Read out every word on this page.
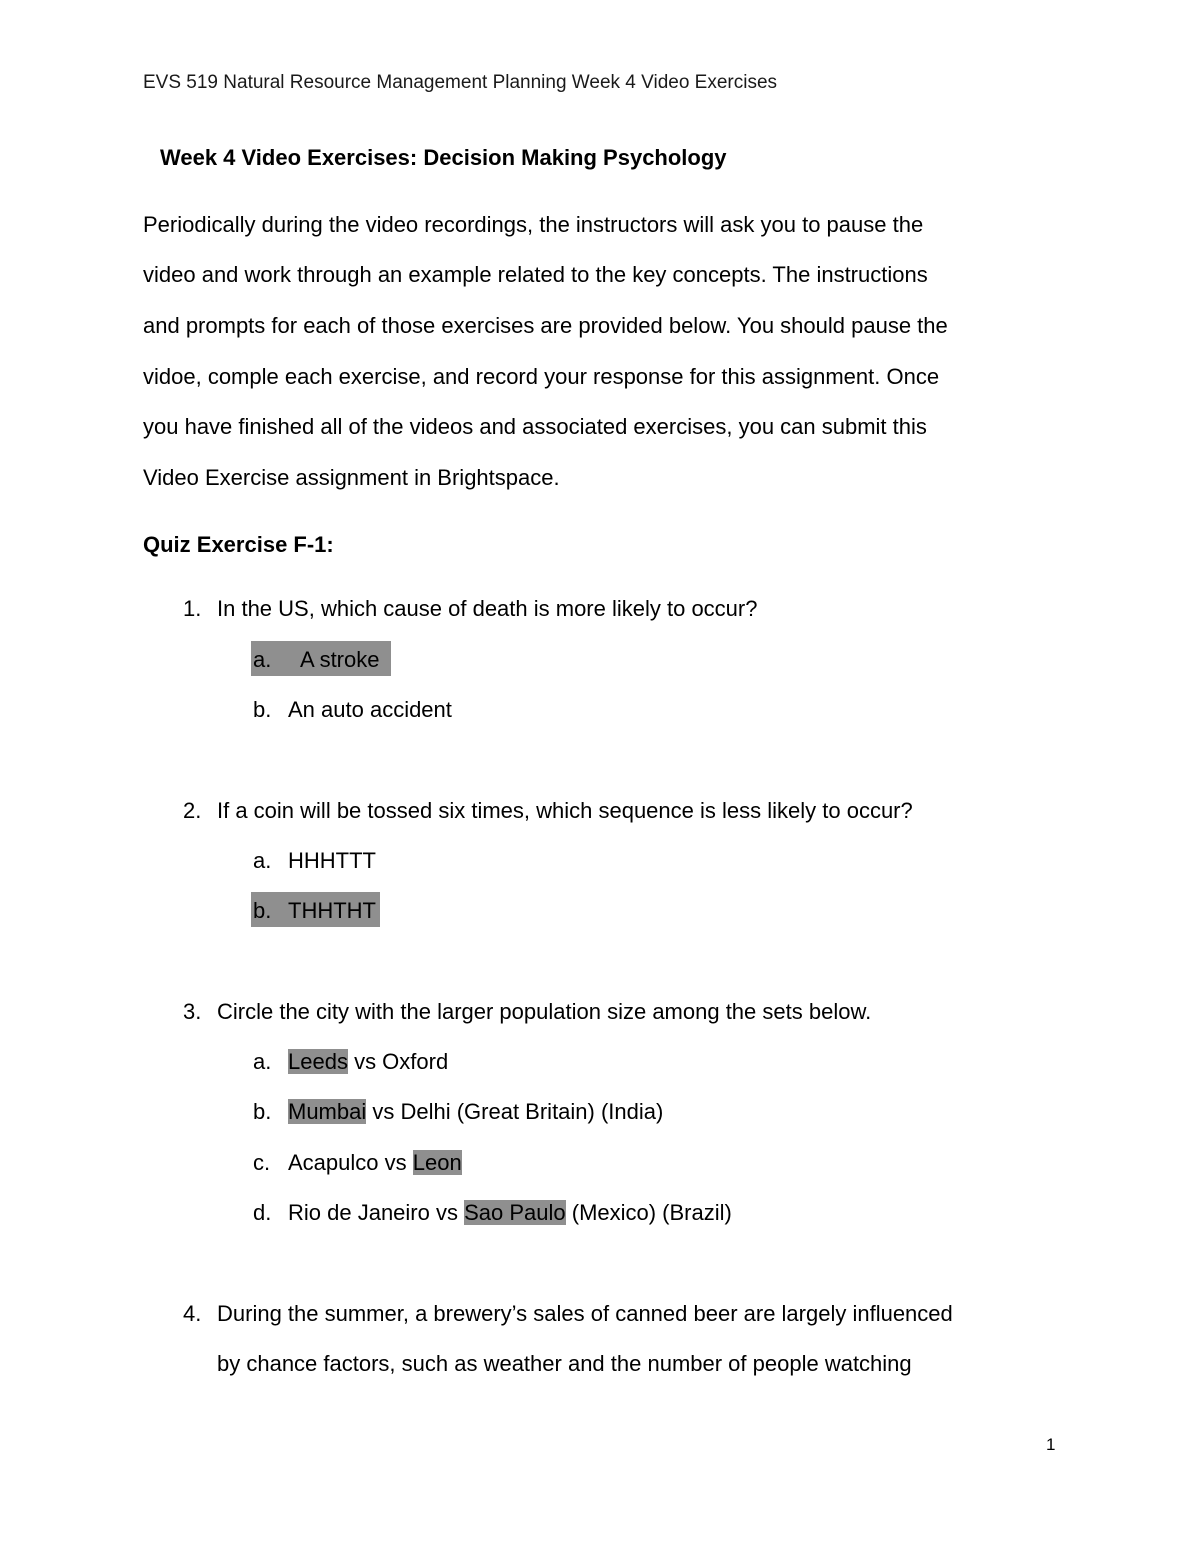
EVS 519 Natural Resource Management Planning Week 4 Video Exercises
Week 4 Video Exercises: Decision Making Psychology
Periodically during the video recordings, the instructors will ask you to pause the
video and work through an example related to the key concepts. The instructions
and prompts for each of those exercises are provided below. You should pause the
vidoe, comple each exercise, and record your response for this assignment. Once
you have finished all of the videos and associated exercises, you can submit this
Video Exercise assignment in Brightspace.
Quiz Exercise F-1:
1. In the US, which cause of death is more likely to occur?
a. A stroke
b. An auto accident
2. If a coin will be tossed six times, which sequence is less likely to occur?
a. HHHTTT
b. THHTHT
3. Circle the city with the larger population size among the sets below.
a. Leeds vs Oxford
b. Mumbai vs Delhi (Great Britain) (India)
c. Acapulco vs Leon
d. Rio de Janeiro vs Sao Paulo (Mexico) (Brazil)
4. During the summer, a brewery’s sales of canned beer are largely influenced
by chance factors, such as weather and the number of people watching
1
